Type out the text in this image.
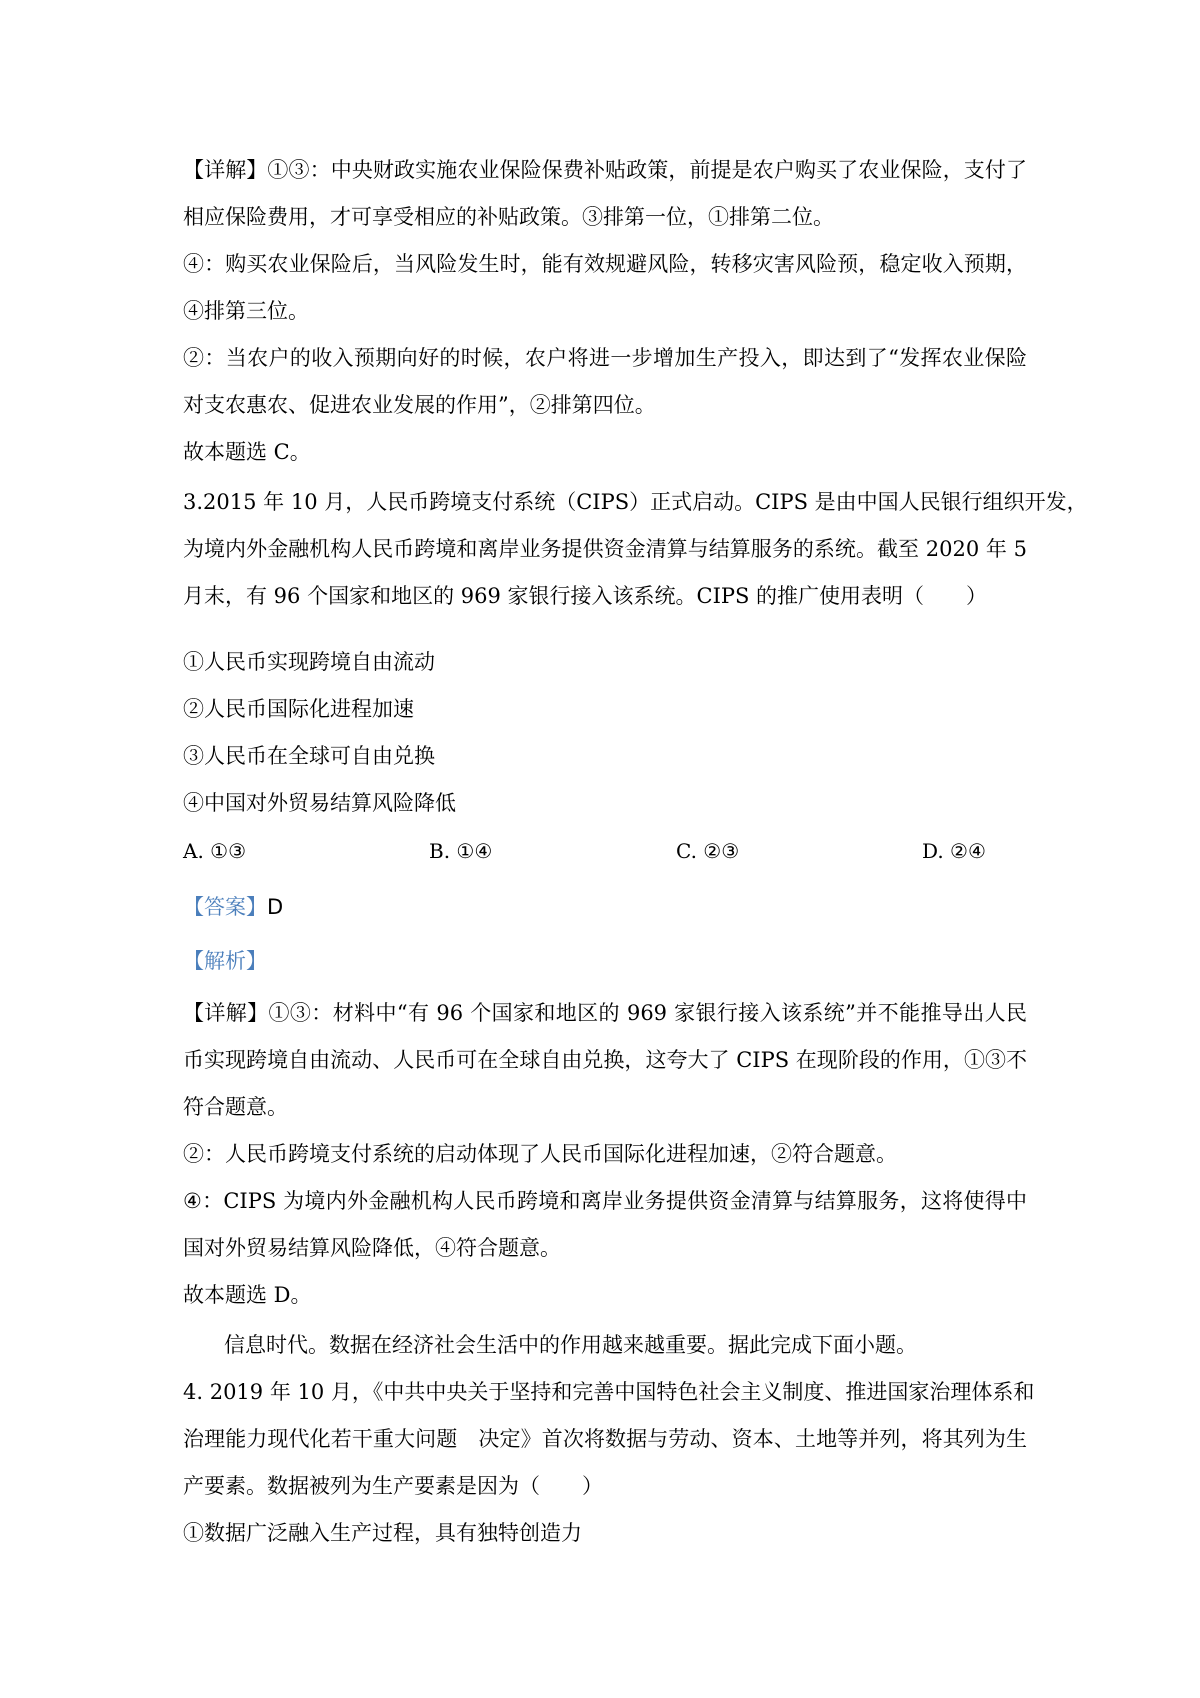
【详解】①③：中央财政实施农业保险保费补贴政策，前提是农户购买了农业保险，支付了

相应保险费用，才可享受相应的补贴政策。③排第一位，①排第二位。

④：购买农业保险后，当风险发生时，能有效规避风险，转移灾害风险预，稳定收入预期，

④排第三位。

②：当农户的收入预期向好的时候，农户将进一步增加生产投入，即达到了“发挥农业保险

对支农惠农、促进农业发展的作用”，②排第四位。

故本题选 C。

3.2015 年 10 月，人民币跨境支付系统（CIPS）正式启动。CIPS 是由中国人民银行组织开发，

为境内外金融机构人民币跨境和离岸业务提供资金清算与结算服务的系统。截至 2020 年 5

月末，有 96 个国家和地区的 969 家银行接入该系统。CIPS 的推广使用表明（　　）

①人民币实现跨境自由流动

②人民币国际化进程加速

③人民币在全球可自由兑换

④中国对外贸易结算风险降低

A. ①③	B. ①④	C. ②③	D. ②④

【答案】D

【解析】

【详解】①③：材料中“有 96 个国家和地区的 969 家银行接入该系统”并不能推导出人民

币实现跨境自由流动、人民币可在全球自由兑换，这夸大了 CIPS 在现阶段的作用，①③不

符合题意。

②：人民币跨境支付系统的启动体现了人民币国际化进程加速，②符合题意。

④：CIPS 为境内外金融机构人民币跨境和离岸业务提供资金清算与结算服务，这将使得中

国对外贸易结算风险降低，④符合题意。

故本题选 D。

信息时代。数据在经济社会生活中的作用越来越重要。据此完成下面小题。

4. 2019 年 10 月，《中共中央关于坚持和完善中国特色社会主义制度、推进国家治理体系和

治理能力现代化若干重大问题　决定》首次将数据与劳动、资本、土地等并列，将其列为生

产要素。数据被列为生产要素是因为（　　）

①数据广泛融入生产过程，具有独特创造力
